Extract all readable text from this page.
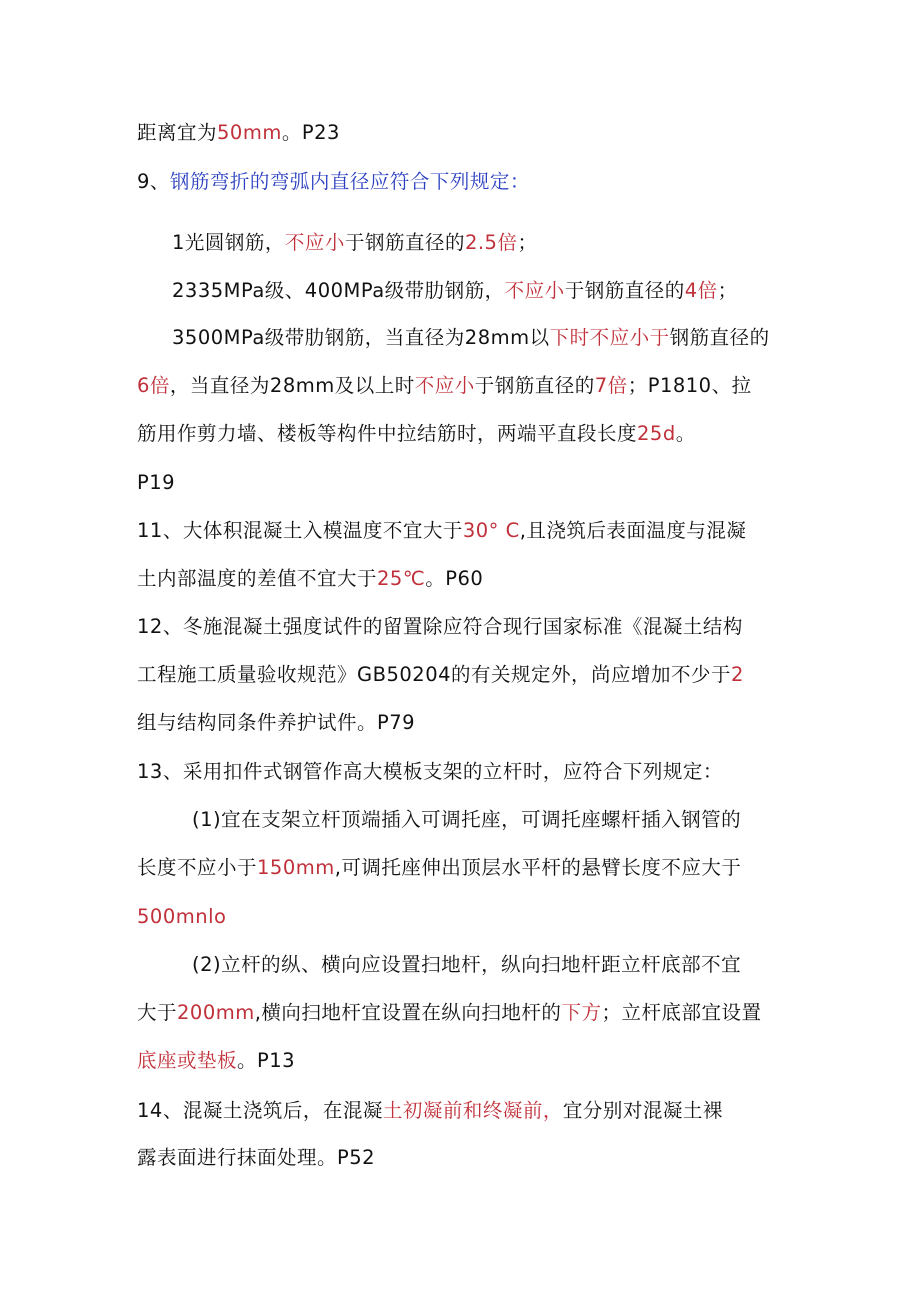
距离宜为50mm。P23
9、钢筋弯折的弯弧内直径应符合下列规定：
1光圆钢筋，不应小于钢筋直径的2.5倍；
2335MPa级、400MPa级带肋钢筋，不应小于钢筋直径的4倍；
3500MPa级带肋钢筋，当直径为28mm以下时不应小于钢筋直径的
6倍，当直径为28mm及以上时不应小于钢筋直径的7倍；P1810、拉
筋用作剪力墙、楼板等构件中拉结筋时，两端平直段长度25d。
P19
11、大体积混凝土入模温度不宜大于30° C,且浇筑后表面温度与混凝
土内部温度的差值不宜大于25℃。P60
12、冬施混凝土强度试件的留置除应符合现行国家标准《混凝土结构
工程施工质量验收规范》GB50204的有关规定外，尚应增加不少于2
组与结构同条件养护试件。P79
13、采用扣件式钢管作高大模板支架的立杆时，应符合下列规定：
(1)宜在支架立杆顶端插入可调托座，可调托座螺杆插入钢管的
长度不应小于150mm,可调托座伸出顶层水平杆的悬臂长度不应大于
500mnlo
(2)立杆的纵、横向应设置扫地杆，纵向扫地杆距立杆底部不宜
大于200mm,横向扫地杆宜设置在纵向扫地杆的下方；立杆底部宜设置
底座或垫板。P13
14、混凝土浇筑后，在混凝土初凝前和终凝前，宜分别对混凝土裸
露表面进行抹面处理。P52
